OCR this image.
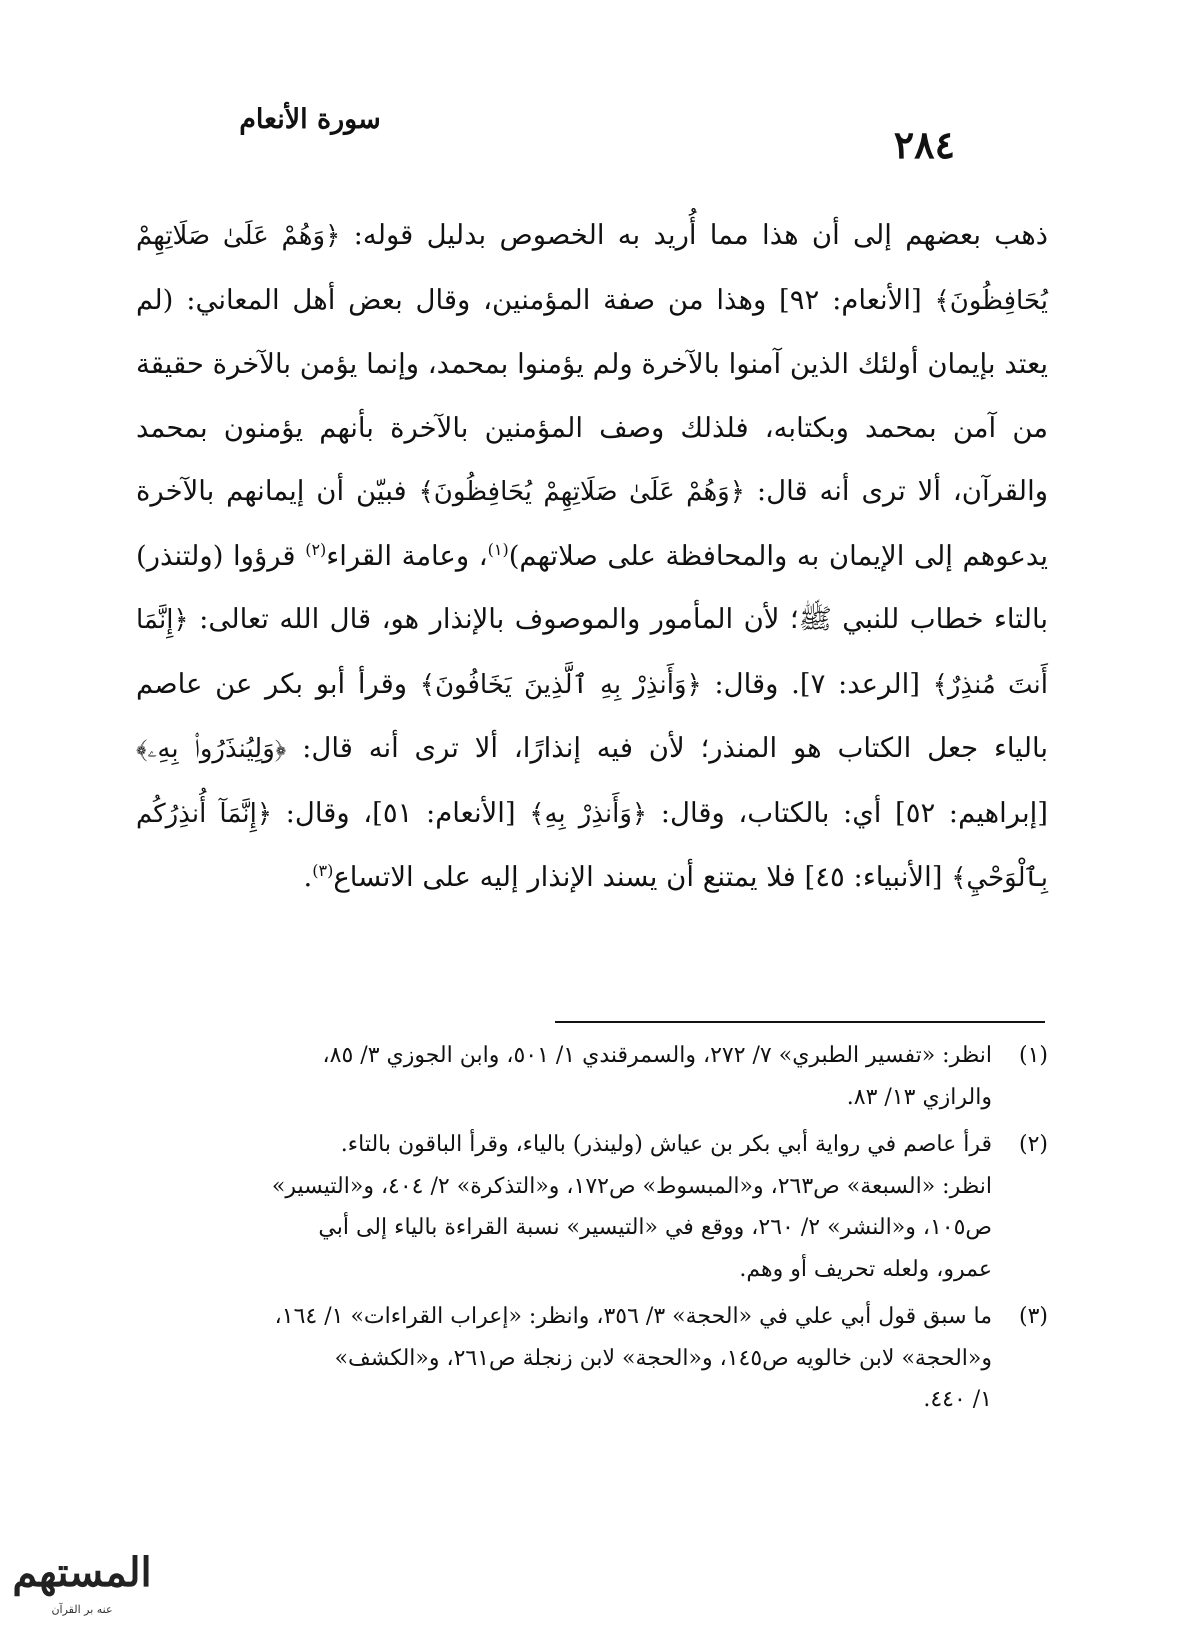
سورة الأنعام
٢٨٤

ذهب بعضهم إلى أن هذا مما أُريد به الخصوص بدليل قوله: ﴿وَهُمْ عَلَىٰ صَلَاتِهِمْ يُحَافِظُونَ﴾ [الأنعام: ٩٢] وهذا من صفة المؤمنين، وقال بعض أهل المعاني: (لم يعتد بإيمان أولئك الذين آمنوا بالآخرة ولم يؤمنوا بمحمد، وإنما يؤمن بالآخرة حقيقة من آمن بمحمد وبكتابه، فلذلك وصف المؤمنين بالآخرة بأنهم يؤمنون بمحمد والقرآن، ألا ترى أنه قال: ﴿وَهُمْ عَلَىٰ صَلَاتِهِمْ يُحَافِظُونَ﴾ فبيّن أن إيمانهم بالآخرة يدعوهم إلى الإيمان به والمحافظة على صلاتهم)$^{(١)}$، وعامة القراء$^{(٢)}$ قرؤوا (ولتنذر) بالتاء خطاب للنبي ﷺ؛ لأن المأمور والموصوف بالإنذار هو، قال الله تعالى: ﴿إِنَّمَا أَنتَ مُنذِرٌ﴾ [الرعد: ٧]. وقال: ﴿وَأَنذِرْ بِهِ ٱلَّذِينَ يَخَافُونَ﴾ وقرأ أبو بكر عن عاصم بالياء جعل الكتاب هو المنذر؛ لأن فيه إنذارًا، ألا ترى أنه قال: ﴿وَلِيُنذَرُوا۟ بِهِۦ﴾ [إبراهيم: ٥٢] أي: بالكتاب، وقال: ﴿وَأَنذِرْ بِهِ﴾ [الأنعام: ٥١]، وقال: ﴿إِنَّمَآ أُنذِرُكُم بِٱلْوَحْيِ﴾ [الأنبياء: ٤٥] فلا يمتنع أن يسند الإنذار إليه على الاتساع$^{(٣)}$.

(١)
انظر: «تفسير الطبري» ٧/ ٢٧٢، والسمرقندي ١/ ٥٠١، وابن الجوزي ٣/ ٨٥،
والرازي ١٣/ ٨٣.
(٢)
قرأ عاصم في رواية أبي بكر بن عياش (ولينذر) بالياء، وقرأ الباقون بالتاء.
انظر: «السبعة» ص٢٦٣، و«المبسوط» ص١٧٢، و«التذكرة» ٢/ ٤٠٤، و«التيسير»
ص١٠٥، و«النشر» ٢/ ٢٦٠، ووقع في «التيسير» نسبة القراءة بالياء إلى أبي
عمرو، ولعله تحريف أو وهم.
(٣)
ما سبق قول أبي علي في «الحجة» ٣/ ٣٥٦، وانظر: «إعراب القراءات» ١/ ١٦٤،
و«الحجة» لابن خالويه ص١٤٥، و«الحجة» لابن زنجلة ص٢٦١، و«الكشف»
١/ ٤٤٠.
المستهم
عنه بر القرآن
